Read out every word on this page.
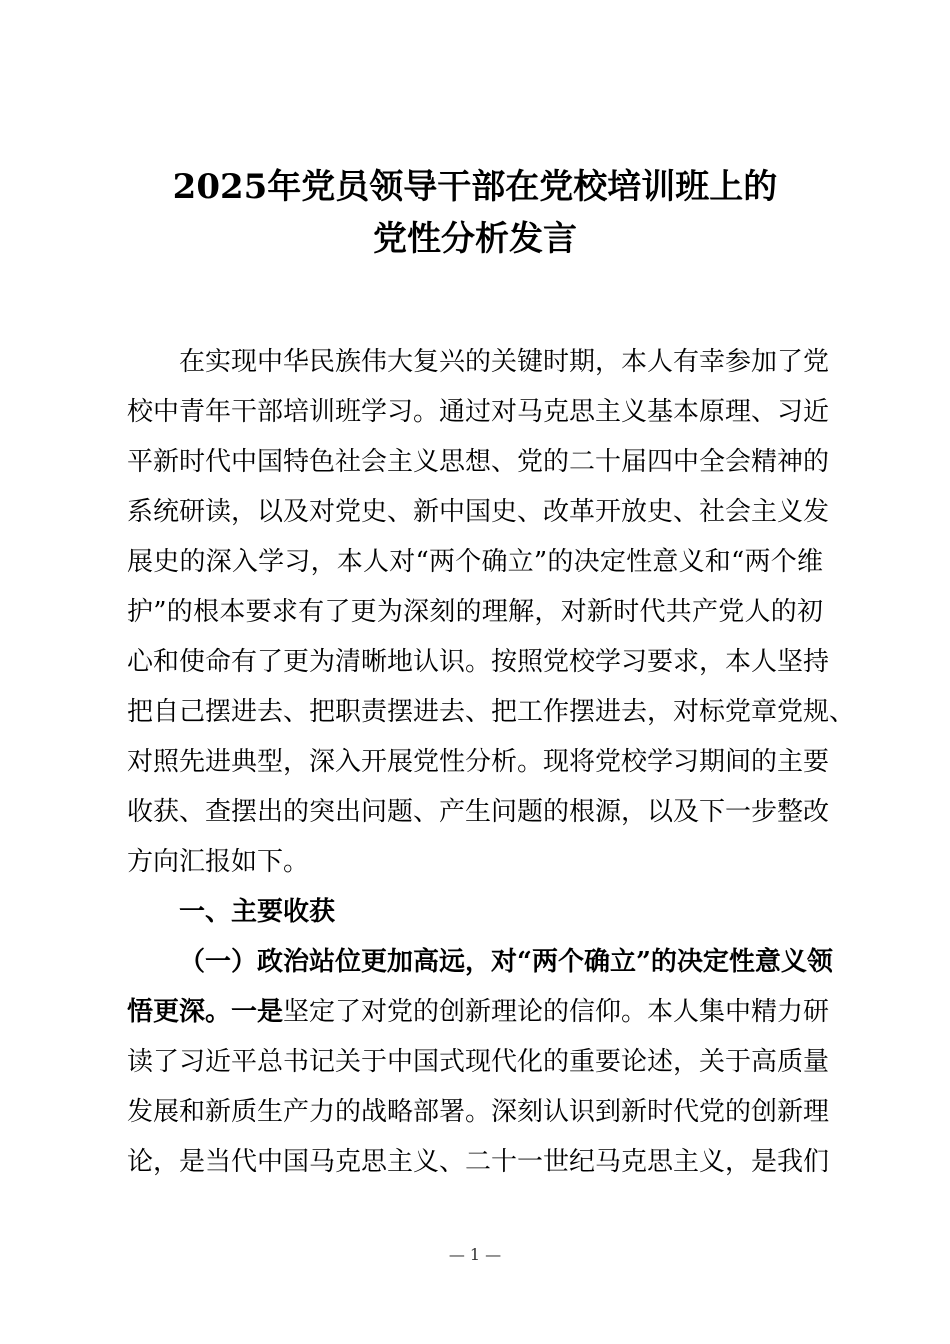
2025年党员领导干部在党校培训班上的
党性分析发言
在实现中华民族伟大复兴的关键时期，本人有幸参加了党
校中青年干部培训班学习。通过对马克思主义基本原理、习近
平新时代中国特色社会主义思想、党的二十届四中全会精神的
系统研读，以及对党史、新中国史、改革开放史、社会主义发
展史的深入学习，本人对“两个确立”的决定性意义和“两个维
护”的根本要求有了更为深刻的理解，对新时代共产党人的初
心和使命有了更为清晰地认识。按照党校学习要求，本人坚持
把自己摆进去、把职责摆进去、把工作摆进去，对标党章党规、
对照先进典型，深入开展党性分析。现将党校学习期间的主要
收获、查摆出的突出问题、产生问题的根源，以及下一步整改
方向汇报如下。
一、主要收获
（一）政治站位更加高远，对“两个确立”的决定性意义领
悟更深。一是坚定了对党的创新理论的信仰。本人集中精力研
读了习近平总书记关于中国式现代化的重要论述，关于高质量
发展和新质生产力的战略部署。深刻认识到新时代党的创新理
论，是当代中国马克思主义、二十一世纪马克思主义，是我们
— 1 —
